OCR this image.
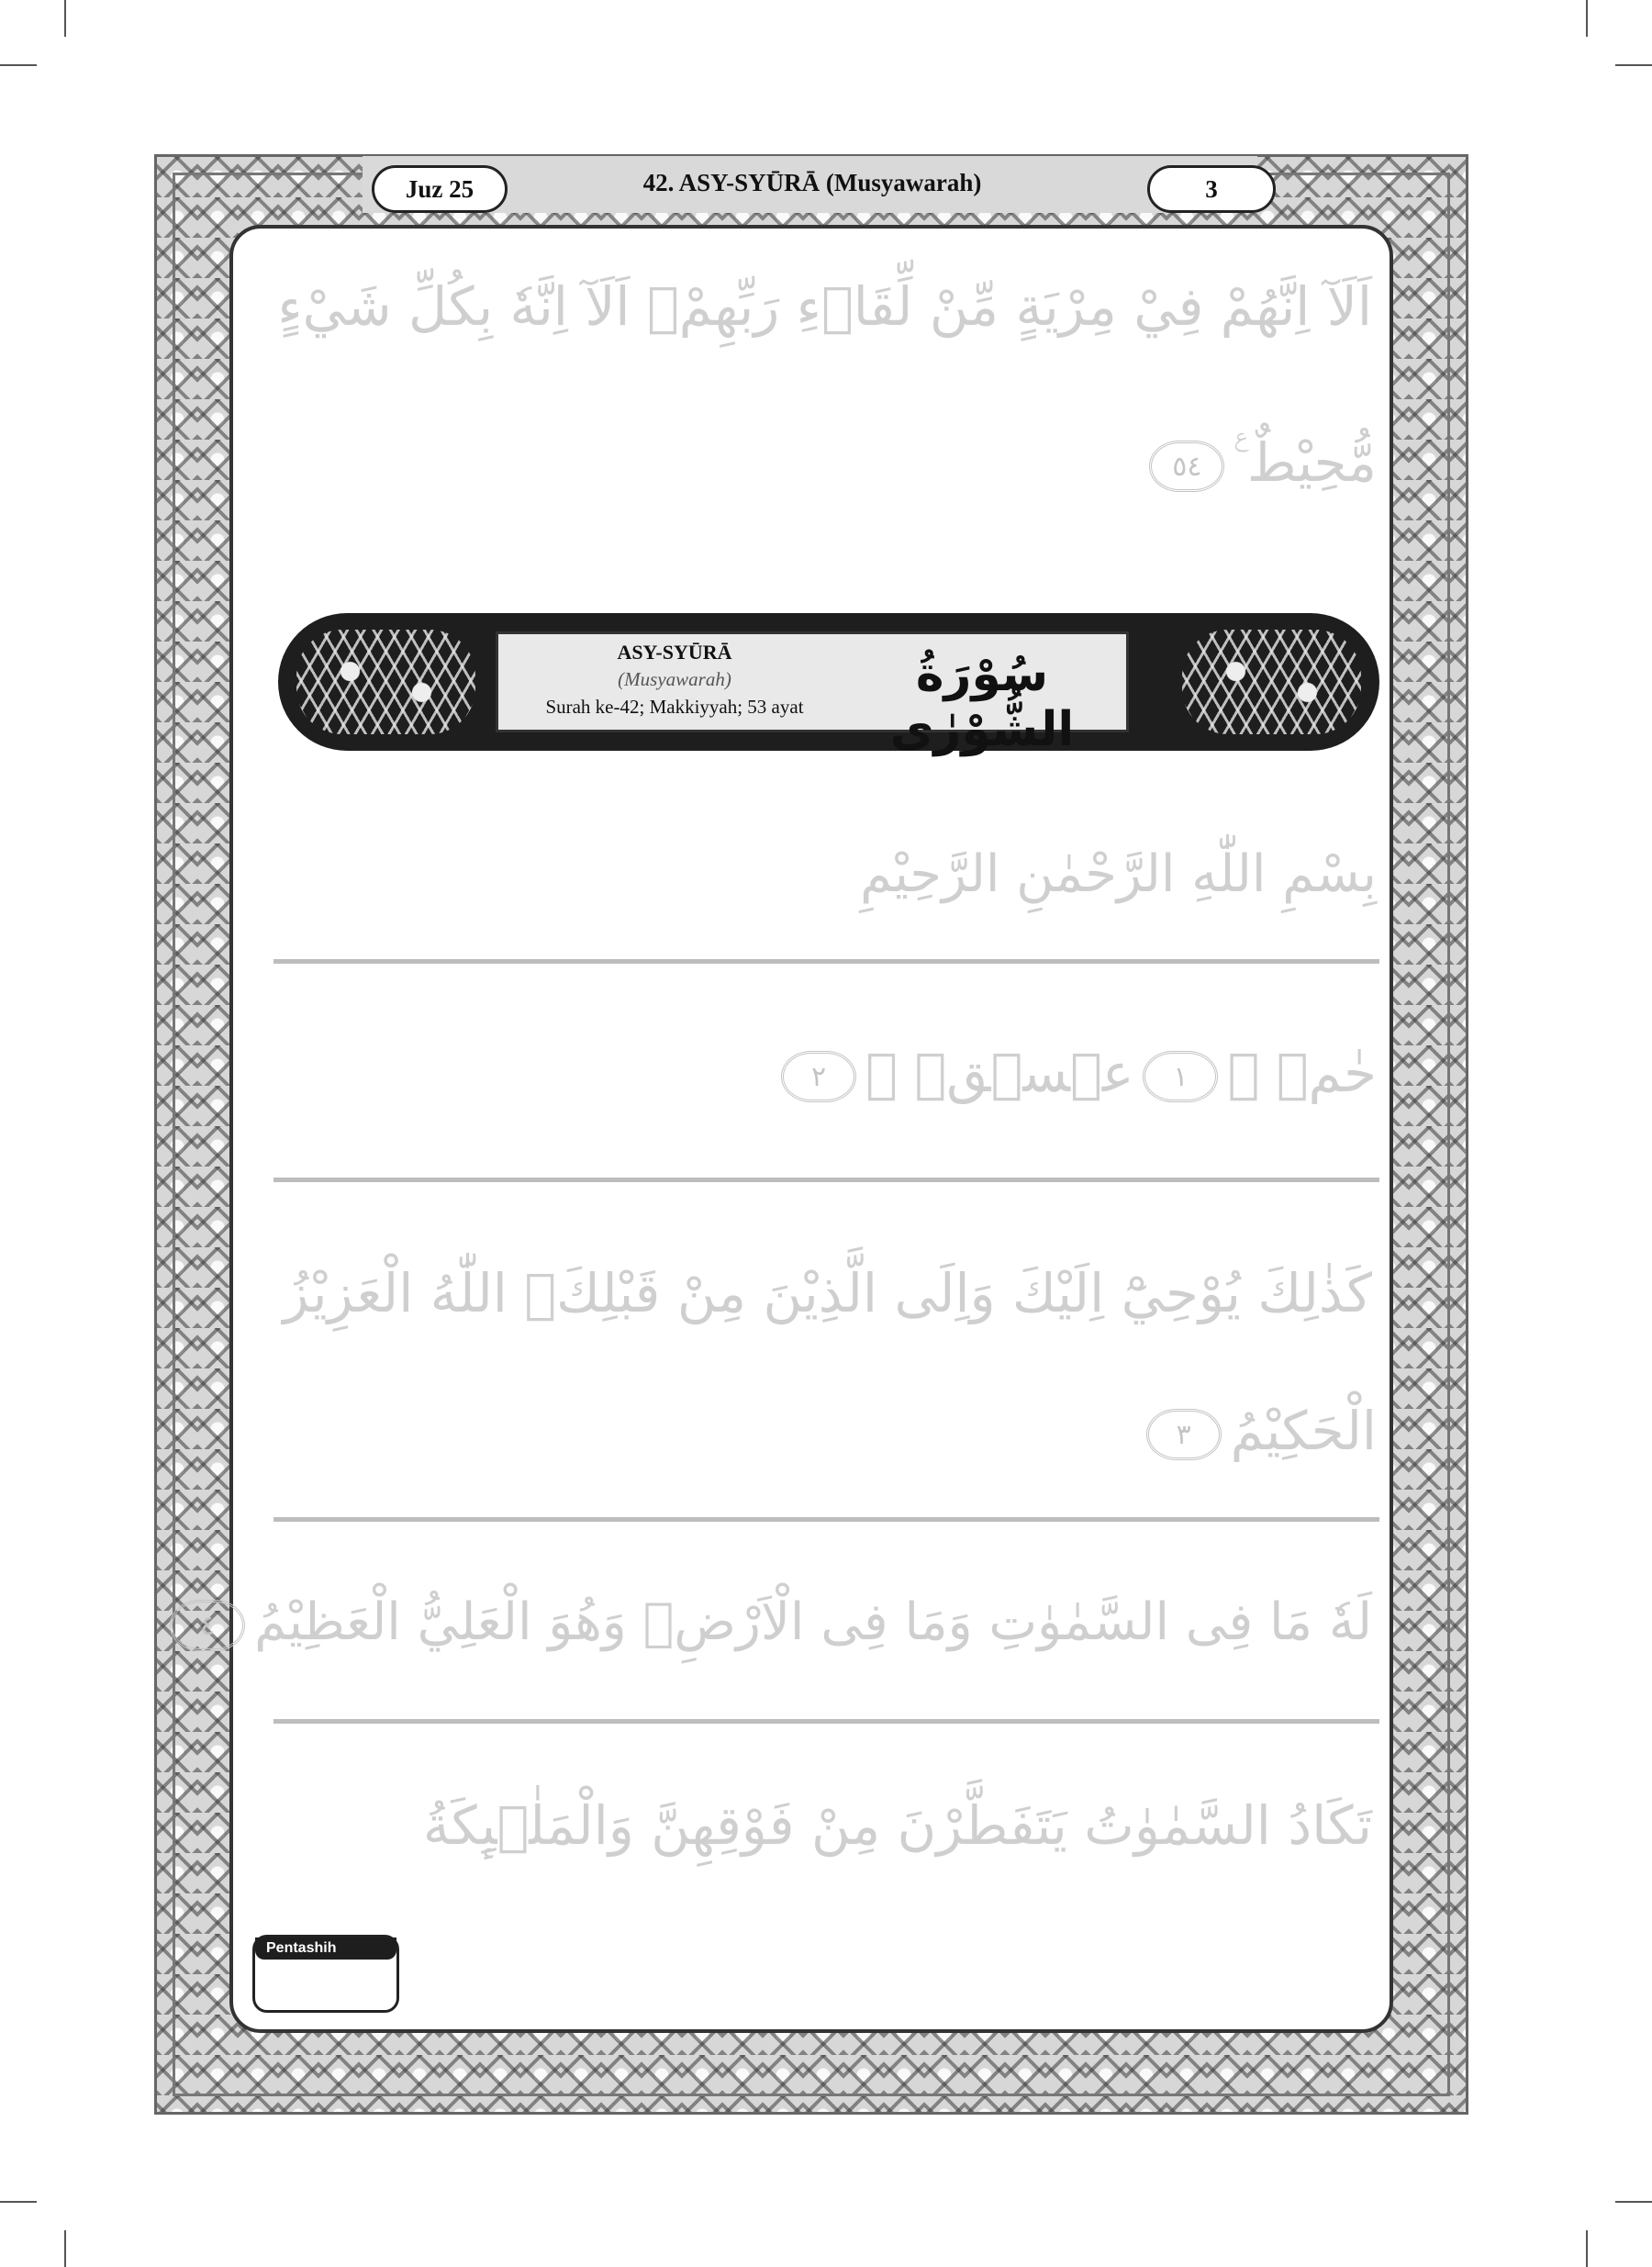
Juz 25	42. ASY-SYŪRĀ (Musyawarah)	3
اَلَآ اِنَّهُمْ فِيْ مِرْيَةٍ مِّنْ لِّقَاۤءِ رَبِّهِمْۗ اَلَآ اِنَّهٗ بِكُلِّ شَيْءٍ
مُّحِيْطٌ ࣖ٥٤
ASY-SYŪRĀ
(Musyawarah)
Surah ke-42; Makkiyyah; 53 ayat
سُوْرَةُ الشُّوْرٰى
بِسْمِ اللّٰهِ الرَّحْمٰنِ الرَّحِيْمِ
حٰمۤ ۚ١عۤسۤقۤ ۗ٢
كَذٰلِكَ يُوْحِيْٓ اِلَيْكَ وَاِلَى الَّذِيْنَ مِنْ قَبْلِكَۙ اللّٰهُ الْعَزِيْزُ
الْحَكِيْمُ٣
لَهٗ مَا فِى السَّمٰوٰتِ وَمَا فِى الْاَرْضِۗ وَهُوَ الْعَلِيُّ الْعَظِيْمُ٤
تَكَادُ السَّمٰوٰتُ يَتَفَطَّرْنَ مِنْ فَوْقِهِنَّ وَالْمَلٰۤىِٕكَةُ
Pentashih
